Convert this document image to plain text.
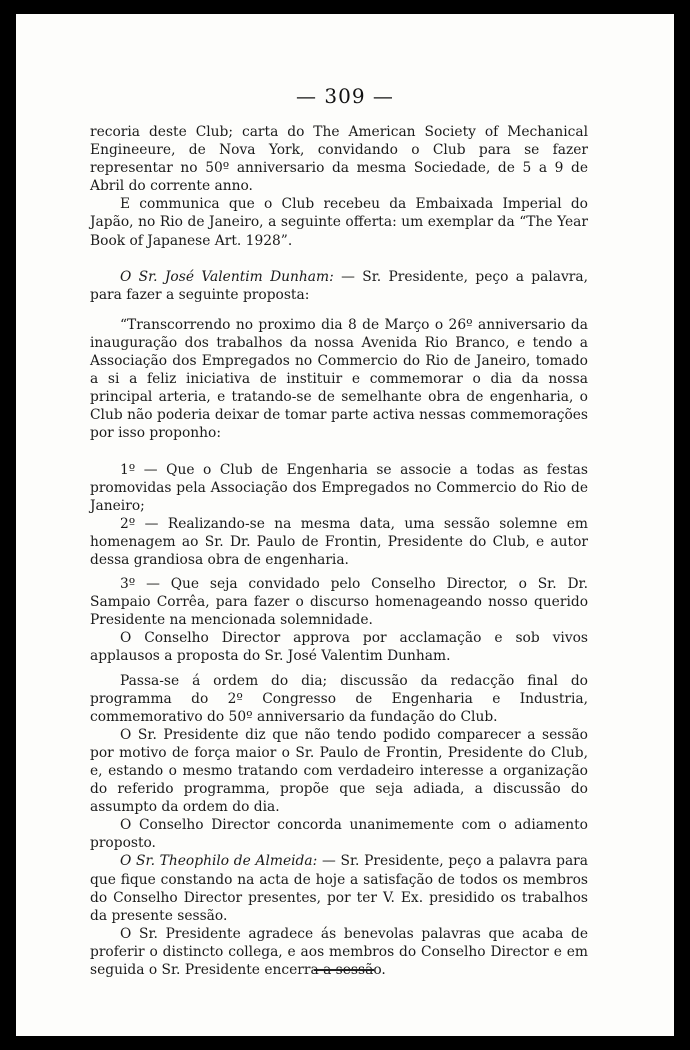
— 309 —

recoria deste Club; carta do The American Society of Mechanical Engineeure, de Nova York, convidando o Club para se fazer representar no 50º anniversario da mesma Sociedade, de 5 a 9 de Abril do corrente anno.

E communica que o Club recebeu da Embaixada Imperial do Japão, no Rio de Janeiro, a seguinte offerta: um exemplar da “The Year Book of Japanese Art. 1928”.

O Sr. José Valentim Dunham: — Sr. Presidente, peço a palavra, para fazer a seguinte proposta:

“Transcorrendo no proximo dia 8 de Março o 26º anniversario da inauguração dos trabalhos da nossa Avenida Rio Branco, e tendo a Associação dos Empregados no Commercio do Rio de Janeiro, tomado a si a feliz iniciativa de instituir e commemorar o dia da nossa principal arteria, e tratando-se de semelhante obra de engenharia, o Club não poderia deixar de tomar parte activa nessas commemorações por isso proponho:

1º — Que o Club de Engenharia se associe a todas as festas promovidas pela Associação dos Empregados no Commercio do Rio de Janeiro;

2º — Realizando-se na mesma data, uma sessão solemne em homenagem ao Sr. Dr. Paulo de Frontin, Presidente do Club, e autor dessa grandiosa obra de engenharia.

3º — Que seja convidado pelo Conselho Director, o Sr. Dr. Sampaio Corrêa, para fazer o discurso homenageando nosso querido Presidente na mencionada solemnidade.

O Conselho Director approva por acclamação e sob vivos applausos a proposta do Sr. José Valentim Dunham.

Passa-se á ordem do dia; discussão da redacção final do programma do 2º Congresso de Engenharia e Industria, commemorativo do 50º anniversario da fundação do Club.

O Sr. Presidente diz que não tendo podido comparecer a sessão por motivo de força maior o Sr. Paulo de Frontin, Presidente do Club, e, estando o mesmo tratando com verdadeiro interesse a organização do referido programma, propõe que seja adiada, a discussão do assumpto da ordem do dia.

O Conselho Director concorda unanimemente com o adiamento proposto.

O Sr. Theophilo de Almeida: — Sr. Presidente, peço a palavra para que fique constando na acta de hoje a satisfação de todos os membros do Conselho Director presentes, por ter V. Ex. presidido os trabalhos da presente sessão.

O Sr. Presidente agradece ás benevolas palavras que acaba de proferir o distincto collega, e aos membros do Conselho Director e em seguida o Sr. Presidente encerra a sessão.
